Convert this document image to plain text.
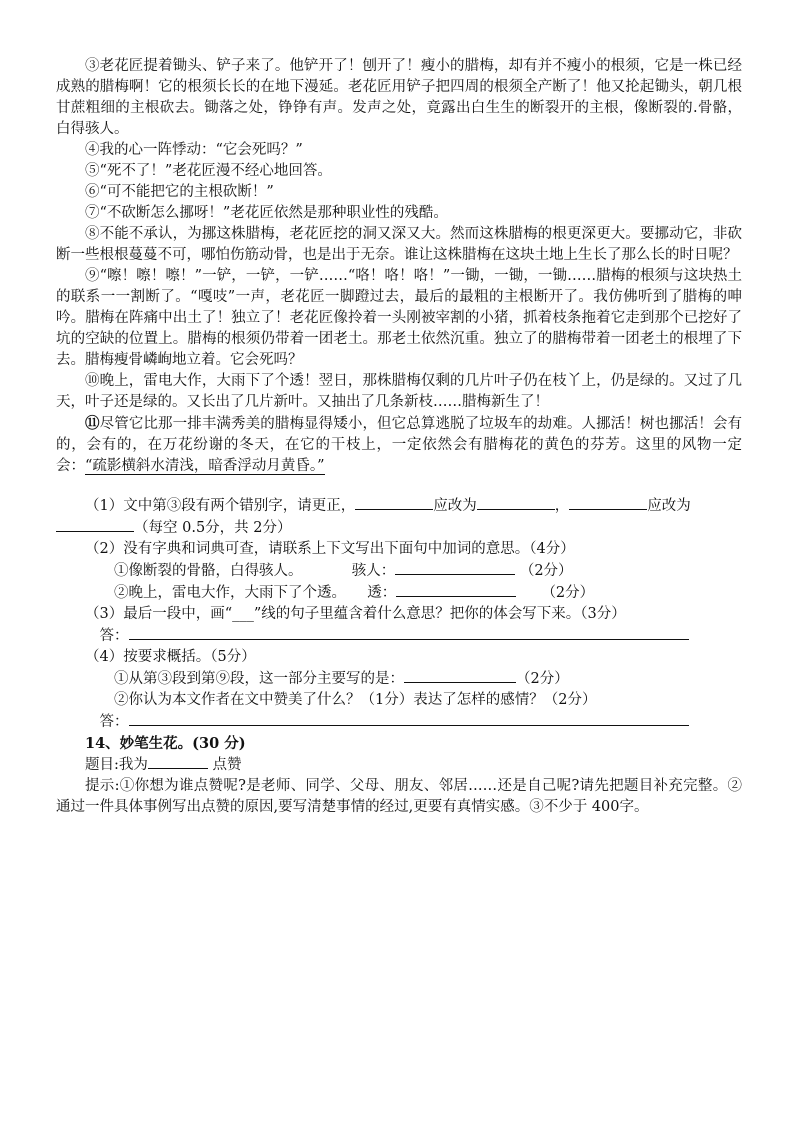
③老花匠提着锄头、铲子来了。他铲开了！刨开了！瘦小的腊梅，却有并不瘦小的根须，它是一株已经成熟的腊梅啊！它的根须长长的在地下漫延。老花匠用铲子把四周的根须全产断了！他又抡起锄头，朝几根甘蔗粗细的主根砍去。锄落之处，铮铮有声。发声之处，竟露出白生生的断裂开的主根，像断裂的.骨骼，白得骇人。

④我的心一阵悸动：“它会死吗？”

⑤“死不了！”老花匠漫不经心地回答。

⑥“可不能把它的主根砍断！”

⑦“不砍断怎么挪呀！”老花匠依然是那种职业性的残酷。

⑧不能不承认，为挪这株腊梅，老花匠挖的洞又深又大。然而这株腊梅的根更深更大。要挪动它，非砍断一些根根蔓蔓不可，哪怕伤筋动骨，也是出于无奈。谁让这株腊梅在这块土地上生长了那么长的时日呢？

⑨“嚓！嚓！嚓！”一铲，一铲，一铲……“咯！咯！咯！”一锄，一锄，一锄……腊梅的根须与这块热土的联系一一割断了。“嘎吱”一声，老花匠一脚蹬过去，最后的最粗的主根断开了。我仿佛听到了腊梅的呻吟。腊梅在阵痛中出土了！独立了！老花匠像拎着一头刚被宰割的小猪，抓着枝条拖着它走到那个已挖好了坑的空缺的位置上。腊梅的根须仍带着一团老土。那老土依然沉重。独立了的腊梅带着一团老土的根埋了下去。腊梅瘦骨嶙峋地立着。它会死吗？

⑩晚上，雷电大作，大雨下了个透！翌日，那株腊梅仅剩的几片叶子仍在枝丫上，仍是绿的。又过了几天，叶子还是绿的。又长出了几片新叶。又抽出了几条新枝……腊梅新生了！

⑪尽管它比那一排丰满秀美的腊梅显得矮小，但它总算逃脱了垃圾车的劫难。人挪活！树也挪活！会有的，会有的，在万花纷谢的冬天，在它的干枝上，一定依然会有腊梅花的黄色的芬芳。这里的风物一定会：“疏影横斜水清浅，暗香浮动月黄昏。”

（1）文中第③段有两个错别字，请更正，	应改为	，	应改为

（每空 0.5分，共 2分）

（2）没有字典和词典可查，请联系上下文写出下面句中加词的意思。（4分）

①像断裂的骨骼，白得骇人。	骇人：	（2分）

②晚上，雷电大作，大雨下了个透。 透：	（2分）

（3）最后一段中，画“___”线的句子里蕴含着什么意思？把你的体会写下来。（3分）

答：

（4）按要求概括。（5分）

①从第③段到第⑨段，这一部分主要写的是：	（2分）

②你认为本文作者在文中赞美了什么？（1分）表达了怎样的感情？（2分）

答：

14、妙笔生花。(30 分)

题目:我为	点赞

提示:①你想为谁点赞呢?是老师、同学、父母、朋友、邻居……还是自己呢?请先把题目补充完整。②通过一件具体事例写出点赞的原因,要写清楚事情的经过,更要有真情实感。③不少于 400字。
